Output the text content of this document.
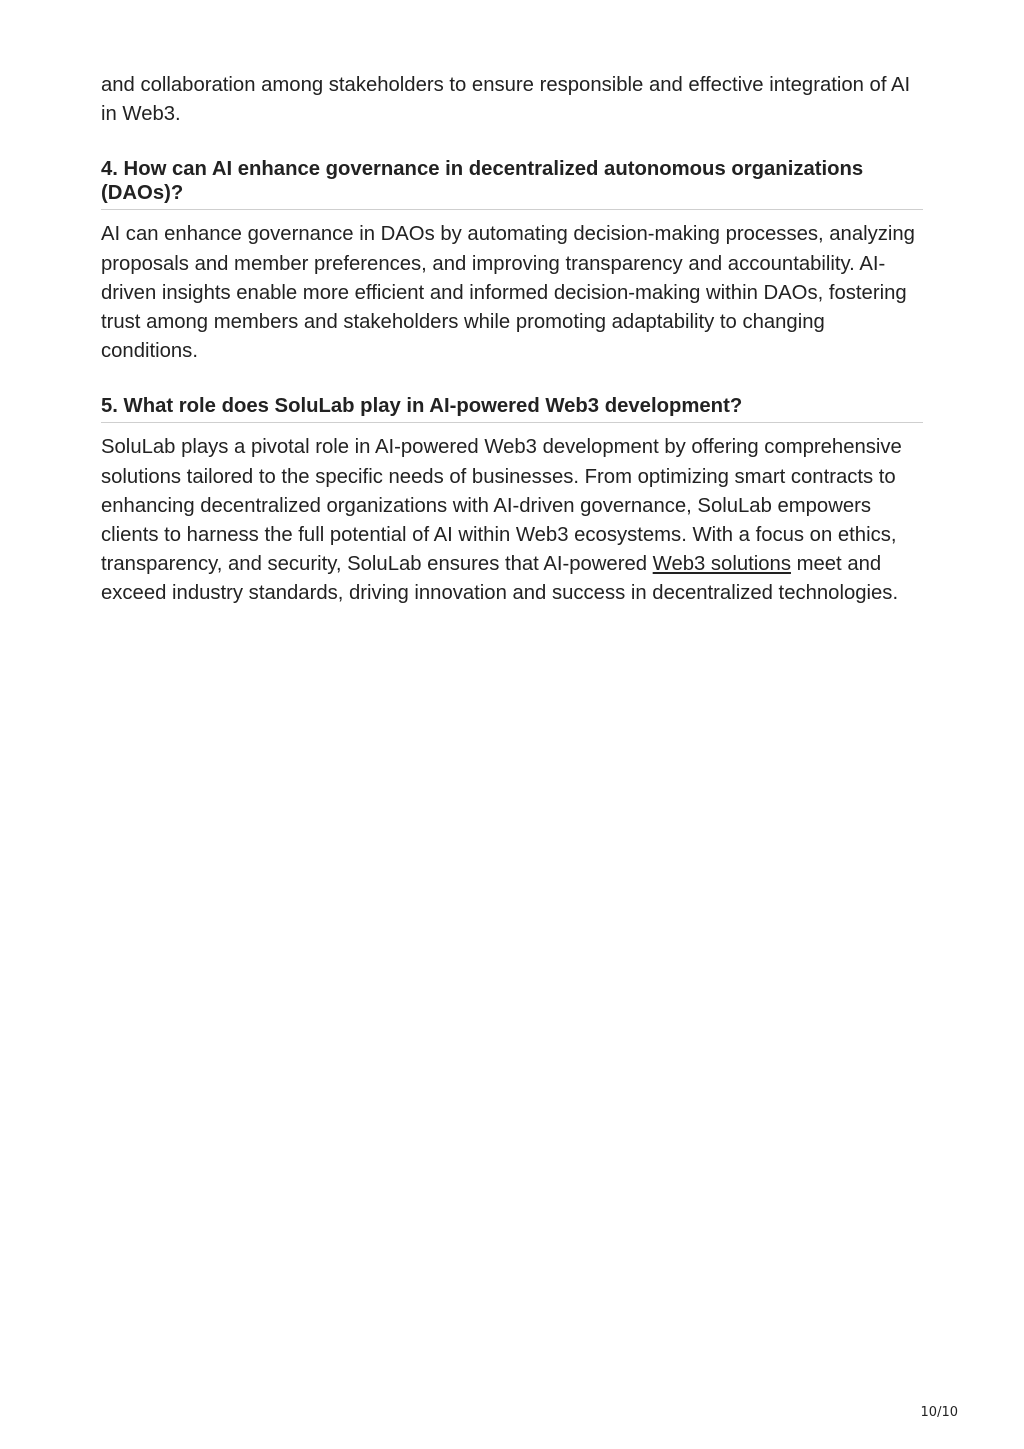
and collaboration among stakeholders to ensure responsible and effective integration of AI in Web3.

4. How can AI enhance governance in decentralized autonomous organizations (DAOs)?

AI can enhance governance in DAOs by automating decision-making processes, analyzing proposals and member preferences, and improving transparency and accountability. AI-driven insights enable more efficient and informed decision-making within DAOs, fostering trust among members and stakeholders while promoting adaptability to changing conditions.

5. What role does SoluLab play in AI-powered Web3 development?

SoluLab plays a pivotal role in AI-powered Web3 development by offering comprehensive solutions tailored to the specific needs of businesses. From optimizing smart contracts to enhancing decentralized organizations with AI-driven governance, SoluLab empowers clients to harness the full potential of AI within Web3 ecosystems. With a focus on ethics, transparency, and security, SoluLab ensures that AI-powered Web3 solutions meet and exceed industry standards, driving innovation and success in decentralized technologies.

10/10
